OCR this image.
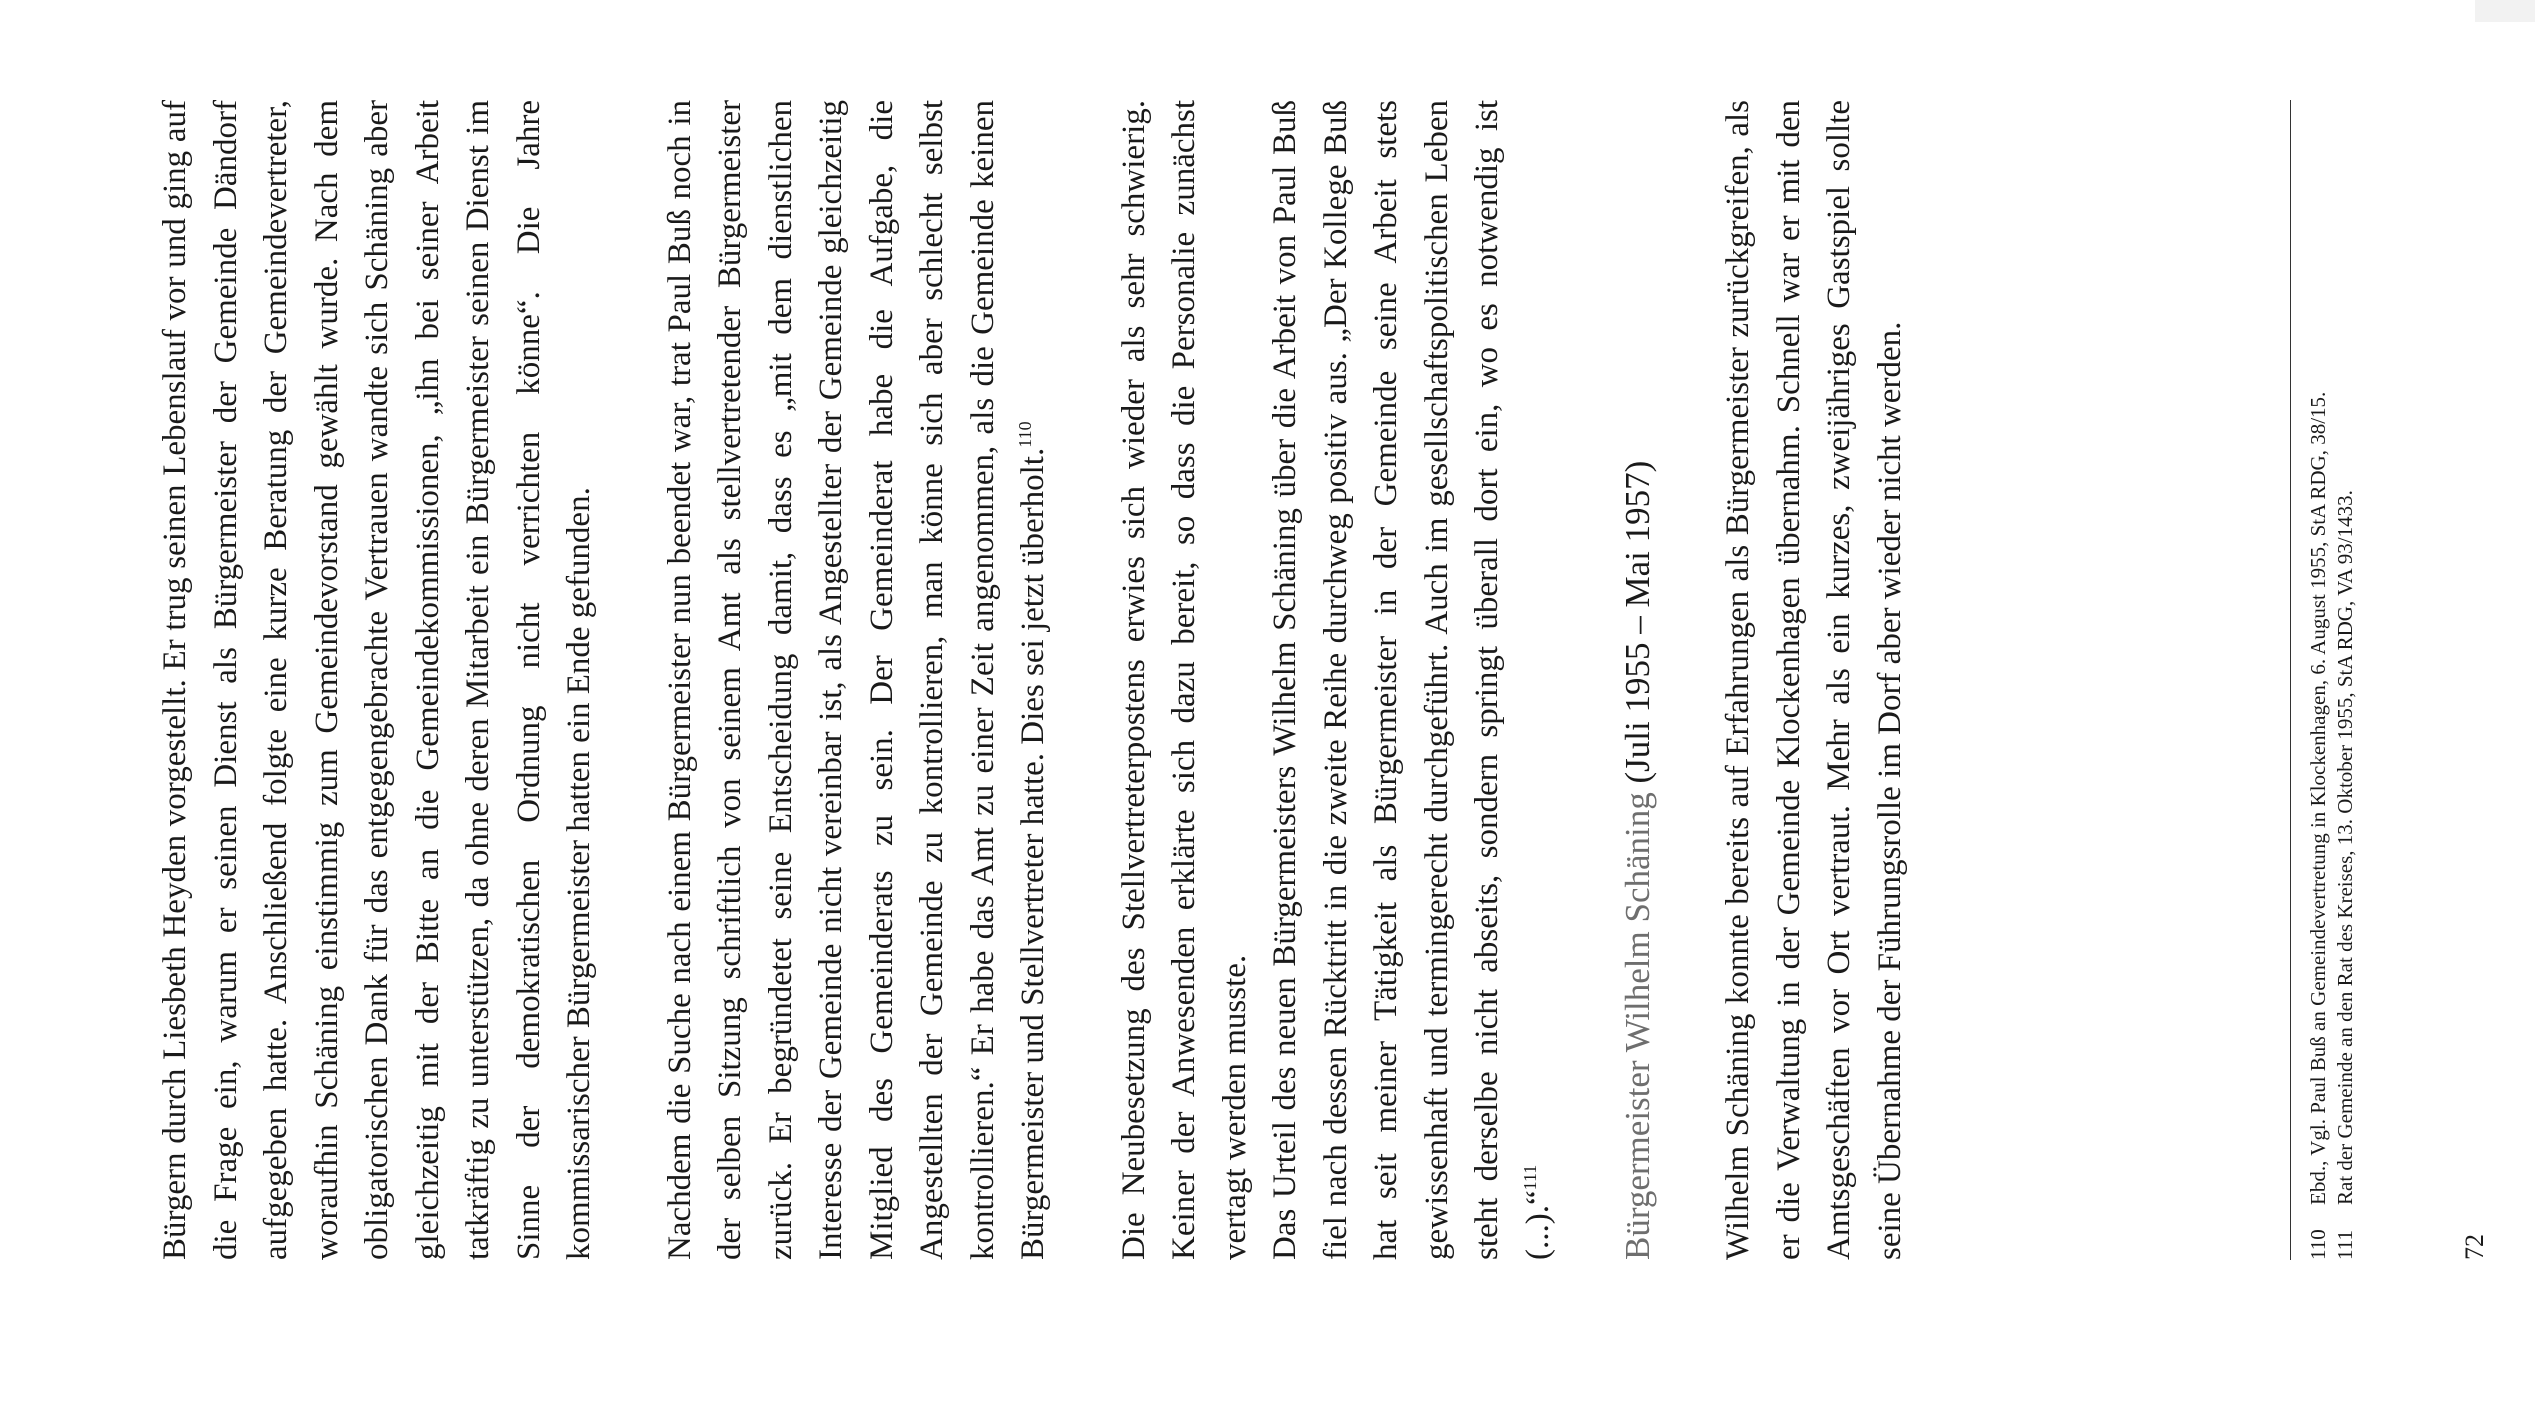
Bürgern durch Liesbeth Heyden vorgestellt. Er trug seinen Lebenslauf vor und ging auf die Frage ein, warum er seinen Dienst als Bürgermeister der Gemeinde Dändorf aufgegeben hatte. Anschließend folgte eine kurze Beratung der Gemeindevertreter, woraufhin Schäning einstimmig zum Gemeindevorstand gewählt wurde. Nach dem obligatorischen Dank für das entgegengebrachte Vertrauen wandte sich Schäning aber gleichzeitig mit der Bitte an die Gemeindekommissionen, „ihn bei seiner Arbeit tatkräftig zu unterstützen, da ohne deren Mitarbeit ein Bürgermeister seinen Dienst im Sinne der demokratischen Ordnung nicht verrichten könne“. Die Jahre kommissarischer Bürgermeister hatten ein Ende gefunden. Nachdem die Suche nach einem Bürgermeister nun beendet war, trat Paul Buß noch in der selben Sitzung schriftlich von seinem Amt als stellvertretender Bürgermeister zurück. Er begründetet seine Entscheidung damit, dass es „mit dem dienstlichen Interesse der Gemeinde nicht vereinbar ist, als Angestellter der Gemeinde gleichzeitig Mitglied des Gemeinderats zu sein. Der Gemeinderat habe die Aufgabe, die Angestellten der Gemeinde zu kontrollieren, man könne sich aber schlecht selbst kontrollieren.“ Er habe das Amt zu einer Zeit angenommen, als die Gemeinde keinen Bürgermeister und Stellvertreter hatte. Dies sei jetzt überholt.$^{110}$	Die Neubesetzung des Stellvertreterpostens erwies sich wieder als sehr schwierig. Keiner der Anwesenden erklärte sich dazu bereit, so dass die Personalie zunächst vertagt werden musste. Das Urteil des neuen Bürgermeisters Wilhelm Schäning über die Arbeit von Paul Buß fiel nach dessen Rücktritt in die zweite Reihe durchweg positiv aus. „Der Kollege Buß hat seit meiner Tätigkeit als Bürgermeister in der Gemeinde seine Arbeit stets gewissenhaft und termingerecht durchgeführt. Auch im gesellschaftspolitischen Leben steht derselbe nicht abseits, sondern springt überall dort ein, wo es notwendig ist (...).“$^{111}$	Bürgermeister Wilhelm Schäning (Juli 1955 – Mai 1957) Wilhelm Schäning konnte bereits auf Erfahrungen als Bürgermeister zurückgreifen, als er die Verwaltung in der Gemeinde Klockenhagen übernahm. Schnell war er mit den Amtsgeschäften vor Ort vertraut. Mehr als ein kurzes, zweijähriges Gastspiel sollte seine Übernahme der Führungsrolle im Dorf aber wieder nicht werden.	110
Ebd., Vgl. Paul Buß an Gemeindevertretung in Klockenhagen, 6. August 1955, StA RDG, 38/15.
111
Rat der Gemeinde an den Rat des Kreises, 13. Oktober 1955, StA RDG, VA 93/1433.
72
